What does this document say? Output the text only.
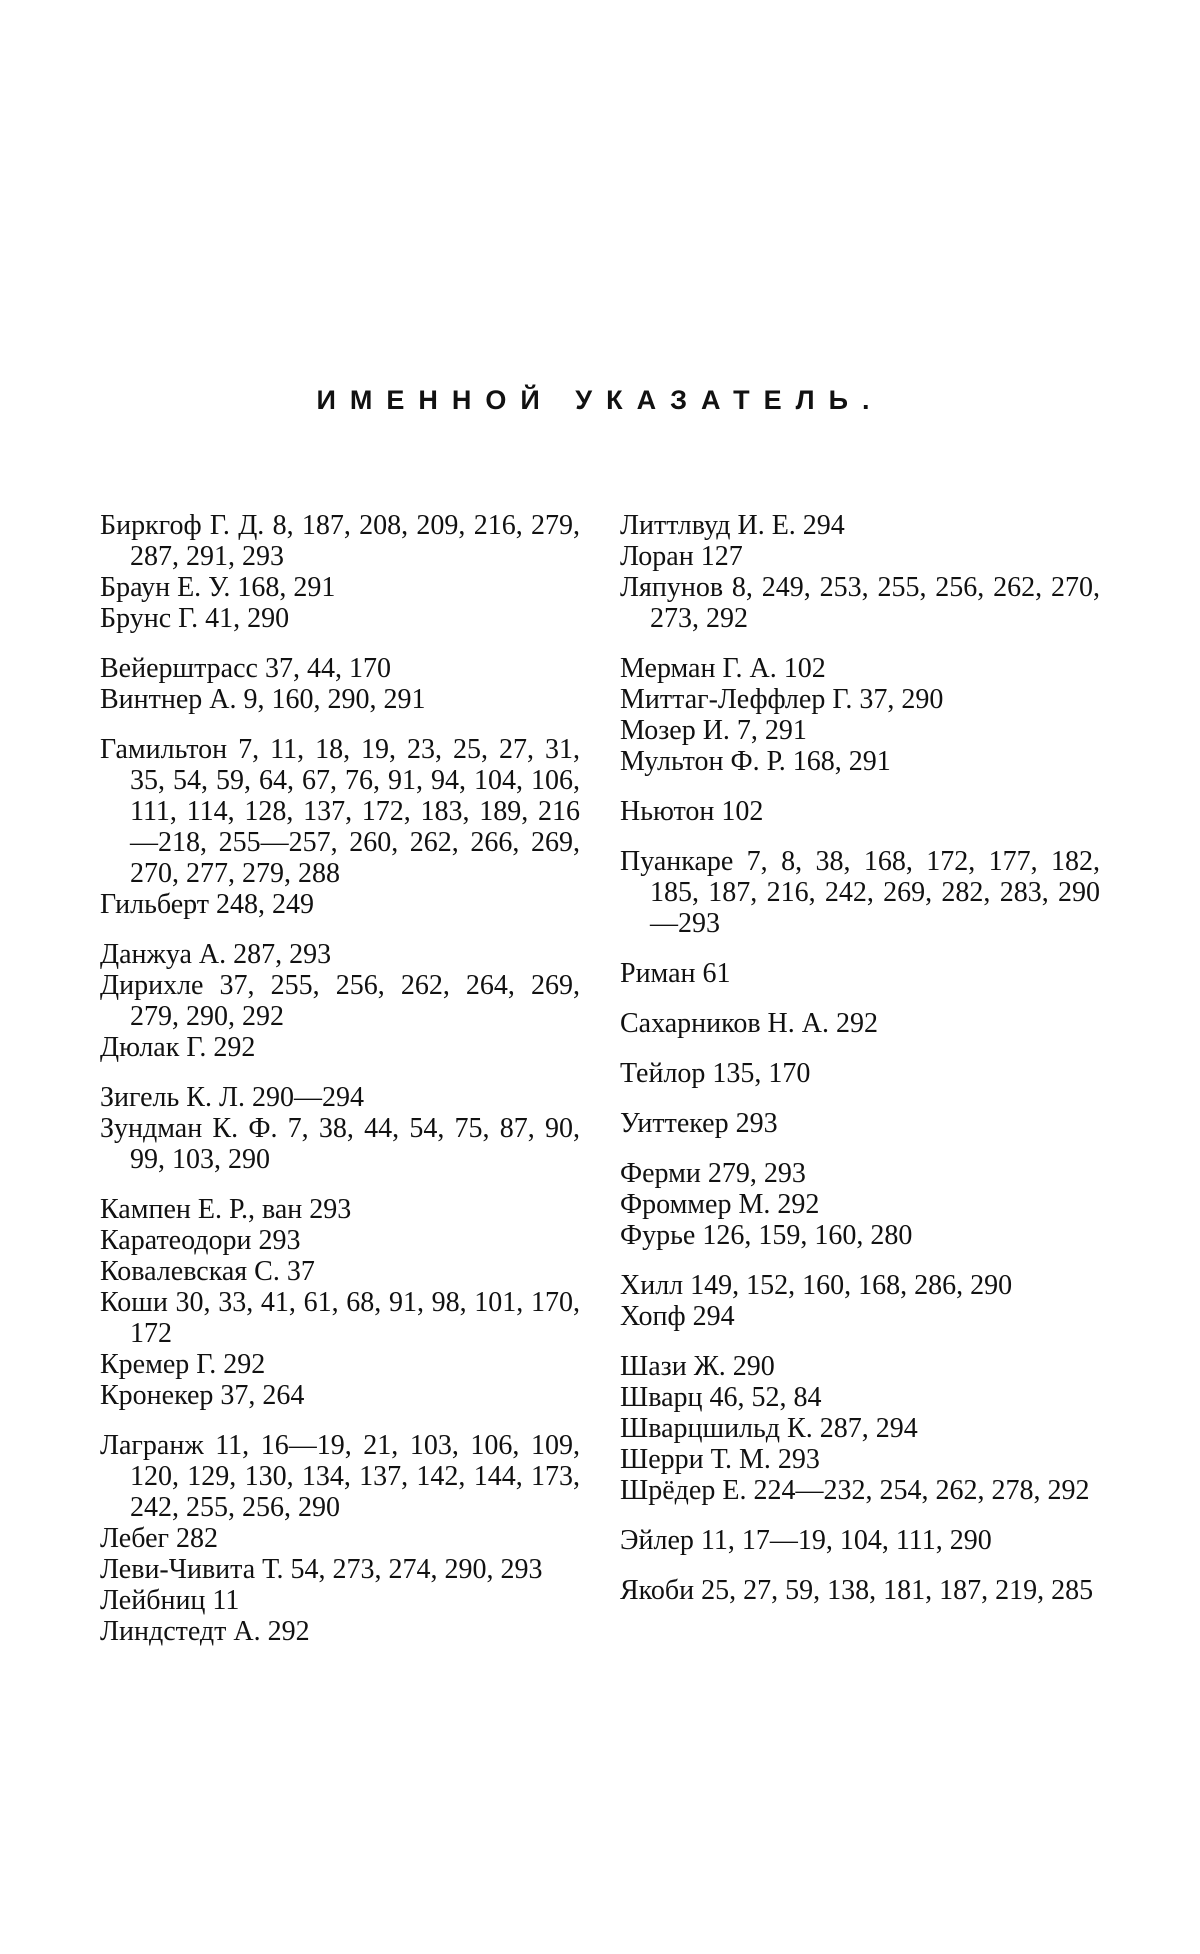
ИМЕННОЙ УКАЗАТЕЛЬ.

Биркгоф Г. Д. 8, 187, 208, 209, 216, 279, 287, 291, 293

Браун Е. У. 168, 291

Брунс Г. 41, 290

Вейерштрасс 37, 44, 170

Винтнер А. 9, 160, 290, 291

Гамильтон 7, 11, 18, 19, 23, 25, 27, 31, 35, 54, 59, 64, 67, 76, 91, 94, 104, 106, 111, 114, 128, 137, 172, 183, 189, 216—218, 255—257, 260, 262, 266, 269, 270, 277, 279, 288

Гильберт 248, 249

Данжуа А. 287, 293

Дирихле 37, 255, 256, 262, 264, 269, 279, 290, 292

Дюлак Г. 292

Зигель К. Л. 290—294

Зундман К. Ф. 7, 38, 44, 54, 75, 87, 90, 99, 103, 290

Кампен Е. Р., ван 293

Каратеодори 293

Ковалевская С. 37

Коши 30, 33, 41, 61, 68, 91, 98, 101, 170, 172

Кремер Г. 292

Кронекер 37, 264

Лагранж 11, 16—19, 21, 103, 106, 109, 120, 129, 130, 134, 137, 142, 144, 173, 242, 255, 256, 290

Лебег 282

Леви-Чивита Т. 54, 273, 274, 290, 293

Лейбниц 11

Линдстедт А. 292

Литтлвуд И. Е. 294

Лоран 127

Ляпунов 8, 249, 253, 255, 256, 262, 270, 273, 292

Мерман Г. А. 102

Миттаг-Леффлер Г. 37, 290

Мозер И. 7, 291

Мультон Ф. Р. 168, 291

Ньютон 102

Пуанкаре 7, 8, 38, 168, 172, 177, 182, 185, 187, 216, 242, 269, 282, 283, 290—293

Риман 61

Сахарников Н. А. 292

Тейлор 135, 170

Уиттекер 293

Ферми 279, 293

Фроммер М. 292

Фурье 126, 159, 160, 280

Хилл 149, 152, 160, 168, 286, 290

Хопф 294

Шази Ж. 290

Шварц 46, 52, 84

Шварцшильд К. 287, 294

Шерри Т. М. 293

Шрёдер Е. 224—232, 254, 262, 278, 292

Эйлер 11, 17—19, 104, 111, 290

Якоби 25, 27, 59, 138, 181, 187, 219, 285
